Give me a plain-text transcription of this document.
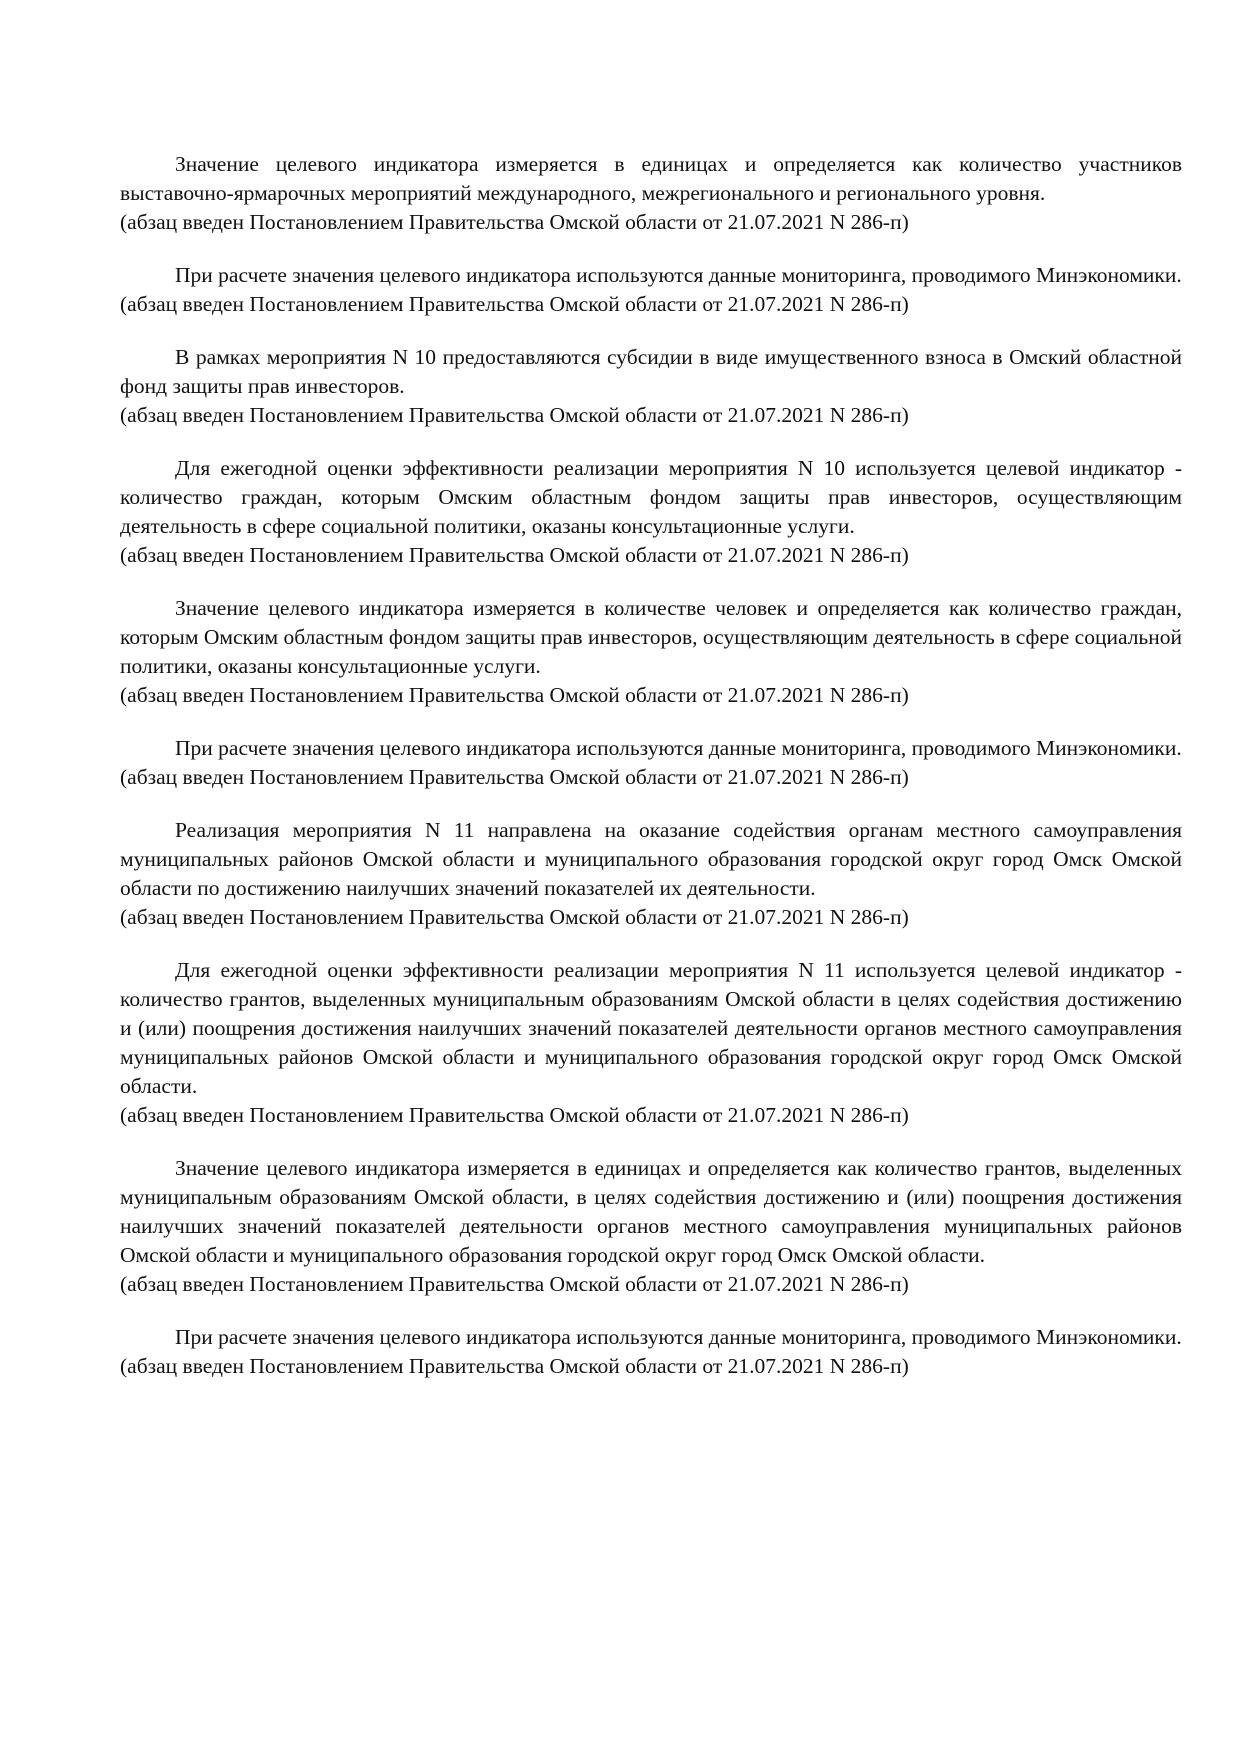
Значение целевого индикатора измеряется в единицах и определяется как количество участников выставочно-ярмарочных мероприятий международного, межрегионального и регионального уровня.

(абзац введен Постановлением Правительства Омской области от 21.07.2021 N 286-п)

При расчете значения целевого индикатора используются данные мониторинга, проводимого Минэкономики.

(абзац введен Постановлением Правительства Омской области от 21.07.2021 N 286-п)

В рамках мероприятия N 10 предоставляются субсидии в виде имущественного взноса в Омский областной фонд защиты прав инвесторов.

(абзац введен Постановлением Правительства Омской области от 21.07.2021 N 286-п)

Для ежегодной оценки эффективности реализации мероприятия N 10 используется целевой индикатор - количество граждан, которым Омским областным фондом защиты прав инвесторов, осуществляющим деятельность в сфере социальной политики, оказаны консультационные услуги.

(абзац введен Постановлением Правительства Омской области от 21.07.2021 N 286-п)

Значение целевого индикатора измеряется в количестве человек и определяется как количество граждан, которым Омским областным фондом защиты прав инвесторов, осуществляющим деятельность в сфере социальной политики, оказаны консультационные услуги.

(абзац введен Постановлением Правительства Омской области от 21.07.2021 N 286-п)

При расчете значения целевого индикатора используются данные мониторинга, проводимого Минэкономики.

(абзац введен Постановлением Правительства Омской области от 21.07.2021 N 286-п)

Реализация мероприятия N 11 направлена на оказание содействия органам местного самоуправления муниципальных районов Омской области и муниципального образования городской округ город Омск Омской области по достижению наилучших значений показателей их деятельности.

(абзац введен Постановлением Правительства Омской области от 21.07.2021 N 286-п)

Для ежегодной оценки эффективности реализации мероприятия N 11 используется целевой индикатор - количество грантов, выделенных муниципальным образованиям Омской области в целях содействия достижению и (или) поощрения достижения наилучших значений показателей деятельности органов местного самоуправления муниципальных районов Омской области и муниципального образования городской округ город Омск Омской области.

(абзац введен Постановлением Правительства Омской области от 21.07.2021 N 286-п)

Значение целевого индикатора измеряется в единицах и определяется как количество грантов, выделенных муниципальным образованиям Омской области, в целях содействия достижению и (или) поощрения достижения наилучших значений показателей деятельности органов местного самоуправления муниципальных районов Омской области и муниципального образования городской округ город Омск Омской области.

(абзац введен Постановлением Правительства Омской области от 21.07.2021 N 286-п)

При расчете значения целевого индикатора используются данные мониторинга, проводимого Минэкономики.

(абзац введен Постановлением Правительства Омской области от 21.07.2021 N 286-п)
